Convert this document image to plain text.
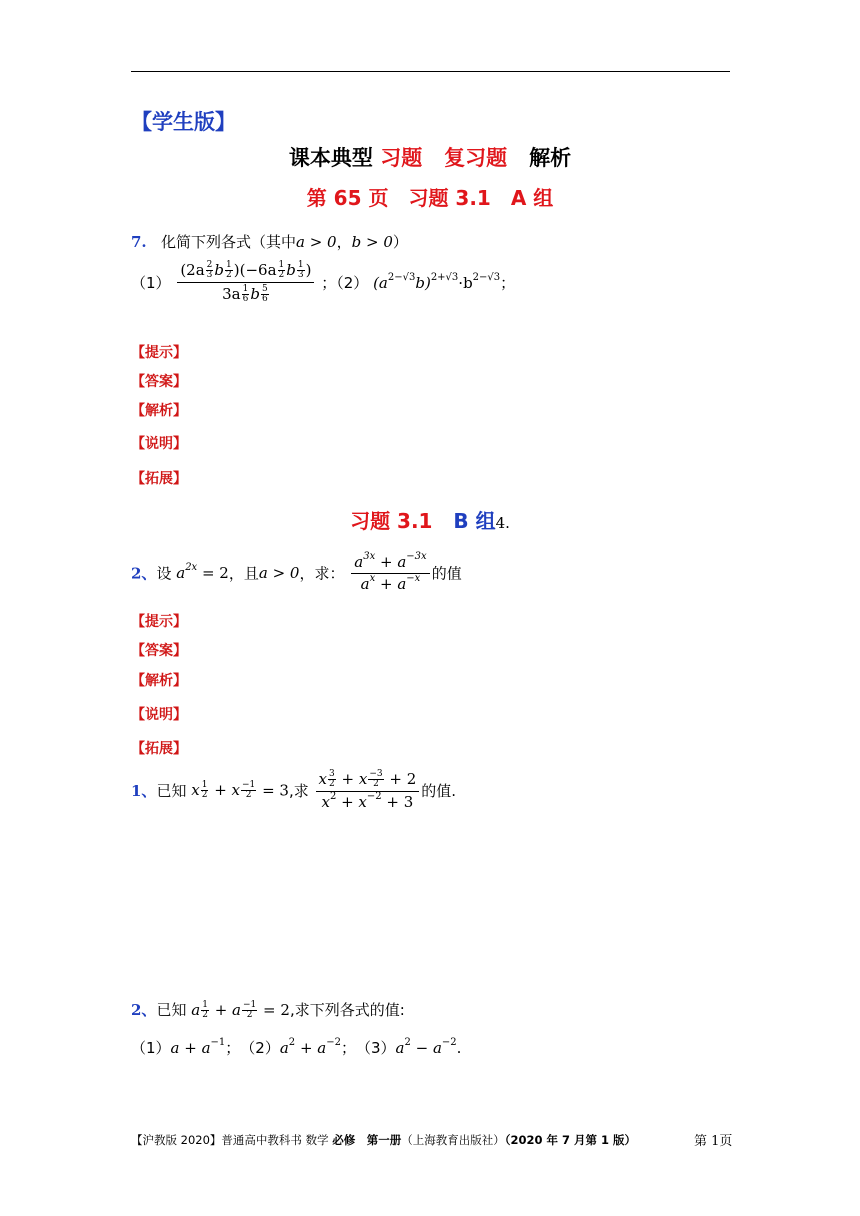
【学生版】
课本典型 习题 复习题 解析
第 65 页　习题 3.1　A 组
7. 化简下列各式（其中a > 0，b > 0）
$(1) \frac{(2a \frac{2}{3} b \frac{1}{2} )(-6a \frac{1}{2} b \frac{1}{3} )}{3a \frac{1}{6} b \frac{5}{6}}$ ；（2） $(a^{2-√3}b)^{2+√3}\cdot b^{2-√3}$；
【提示】
【答案】
【解析】
【说明】
【拓展】
习题 3.1 B 组4.
2、设 $a^{2x} = 2$，且a > 0，求： $\frac{a^{3x} + a^{-3x}}{a^x + a^{-x}}$ 的值
【提示】
【答案】
【解析】
【说明】
【拓展】
1、已知 x $\frac{1}{2} + x \frac{-1}{2} = 3$,求 $\frac{x \frac{3}{2} + x \frac{-3}{2} + 2}{x^2 + x^{-2} + 3}$ 的值.
2、已知 a $\frac{1}{2} + a \frac{-1}{2} = 2$,求下列各式的值:
$(1)a + a^{-1}$；　$(2)a^2 + a^{-2}$；　$(3)a^2 - a^{-2}$.
【沪教版 2020】普通高中教科书 数学 必修　第一册（上海教育出版社）（2020 年 7 月第 1 版）	第 1页
